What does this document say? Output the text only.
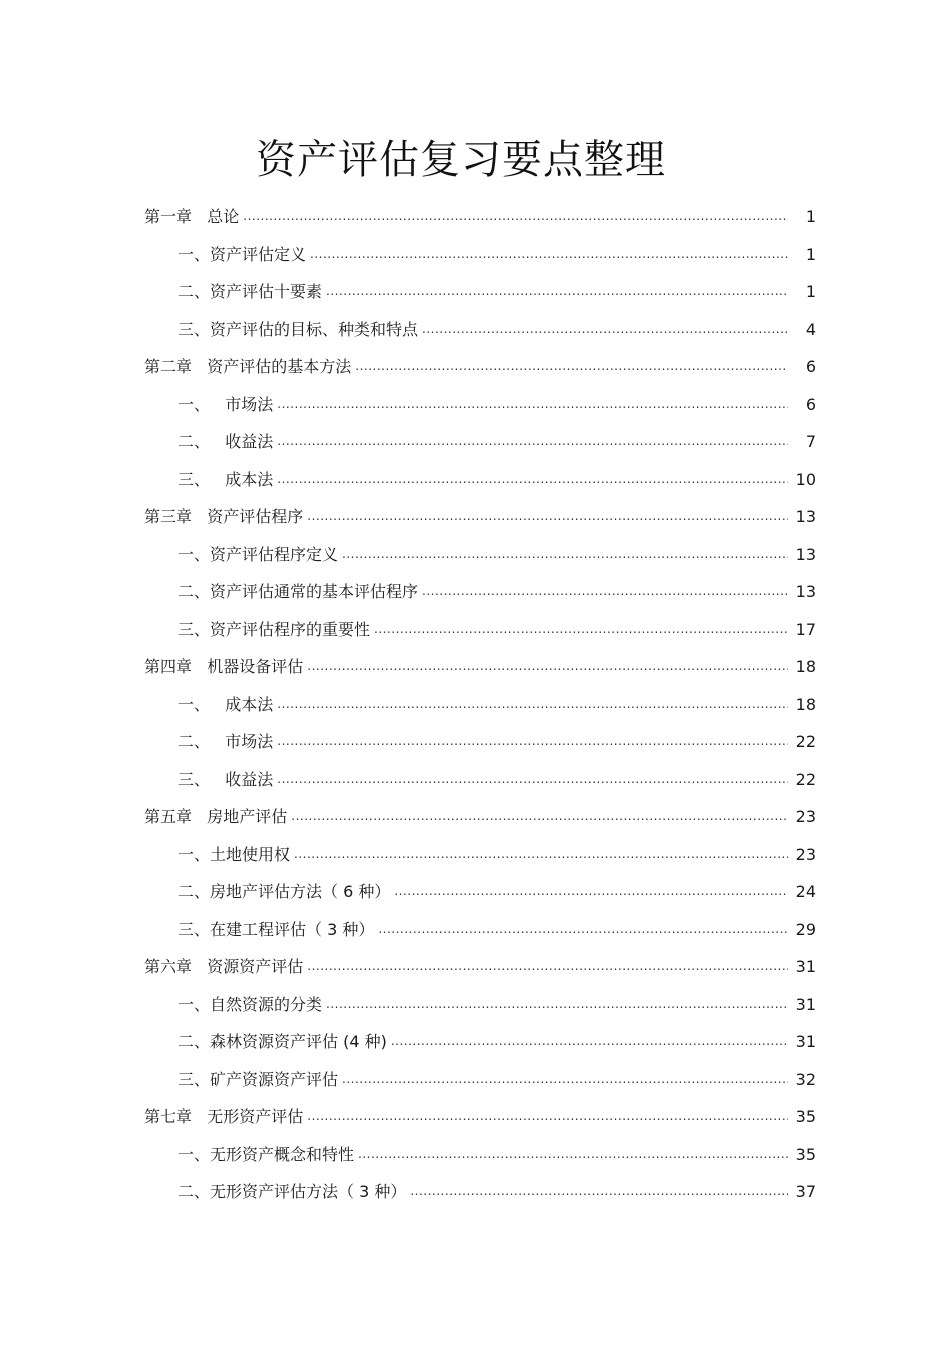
资产评估复习要点整理
第一章   总论 .....	1
一、资产评估定义 .....	1
二、资产评估十要素 .....	1
三、资产评估的目标、种类和特点 .....	4
第二章   资产评估的基本方法 .....	6
一、   市场法 .....	6
二、   收益法 .....	7
三、   成本法 .....	10
第三章   资产评估程序 .....	13
一、资产评估程序定义 .....	13
二、资产评估通常的基本评估程序 .....	13
三、资产评估程序的重要性 .....	17
第四章   机器设备评估 .....	18
一、   成本法 .....	18
二、   市场法 .....	22
三、   收益法 .....	22
第五章   房地产评估 .....	23
一、土地使用权 .....	23
二、房地产评估方法（ 6 种） .....	24
三、在建工程评估（ 3 种） .....	29
第六章   资源资产评估 .....	31
一、自然资源的分类 .....	31
二、森林资源资产评估 (4 种) .....	31
三、矿产资源资产评估 .....	32
第七章   无形资产评估 .....	35
一、无形资产概念和特性 .....	35
二、无形资产评估方法（ 3 种） .....	37
